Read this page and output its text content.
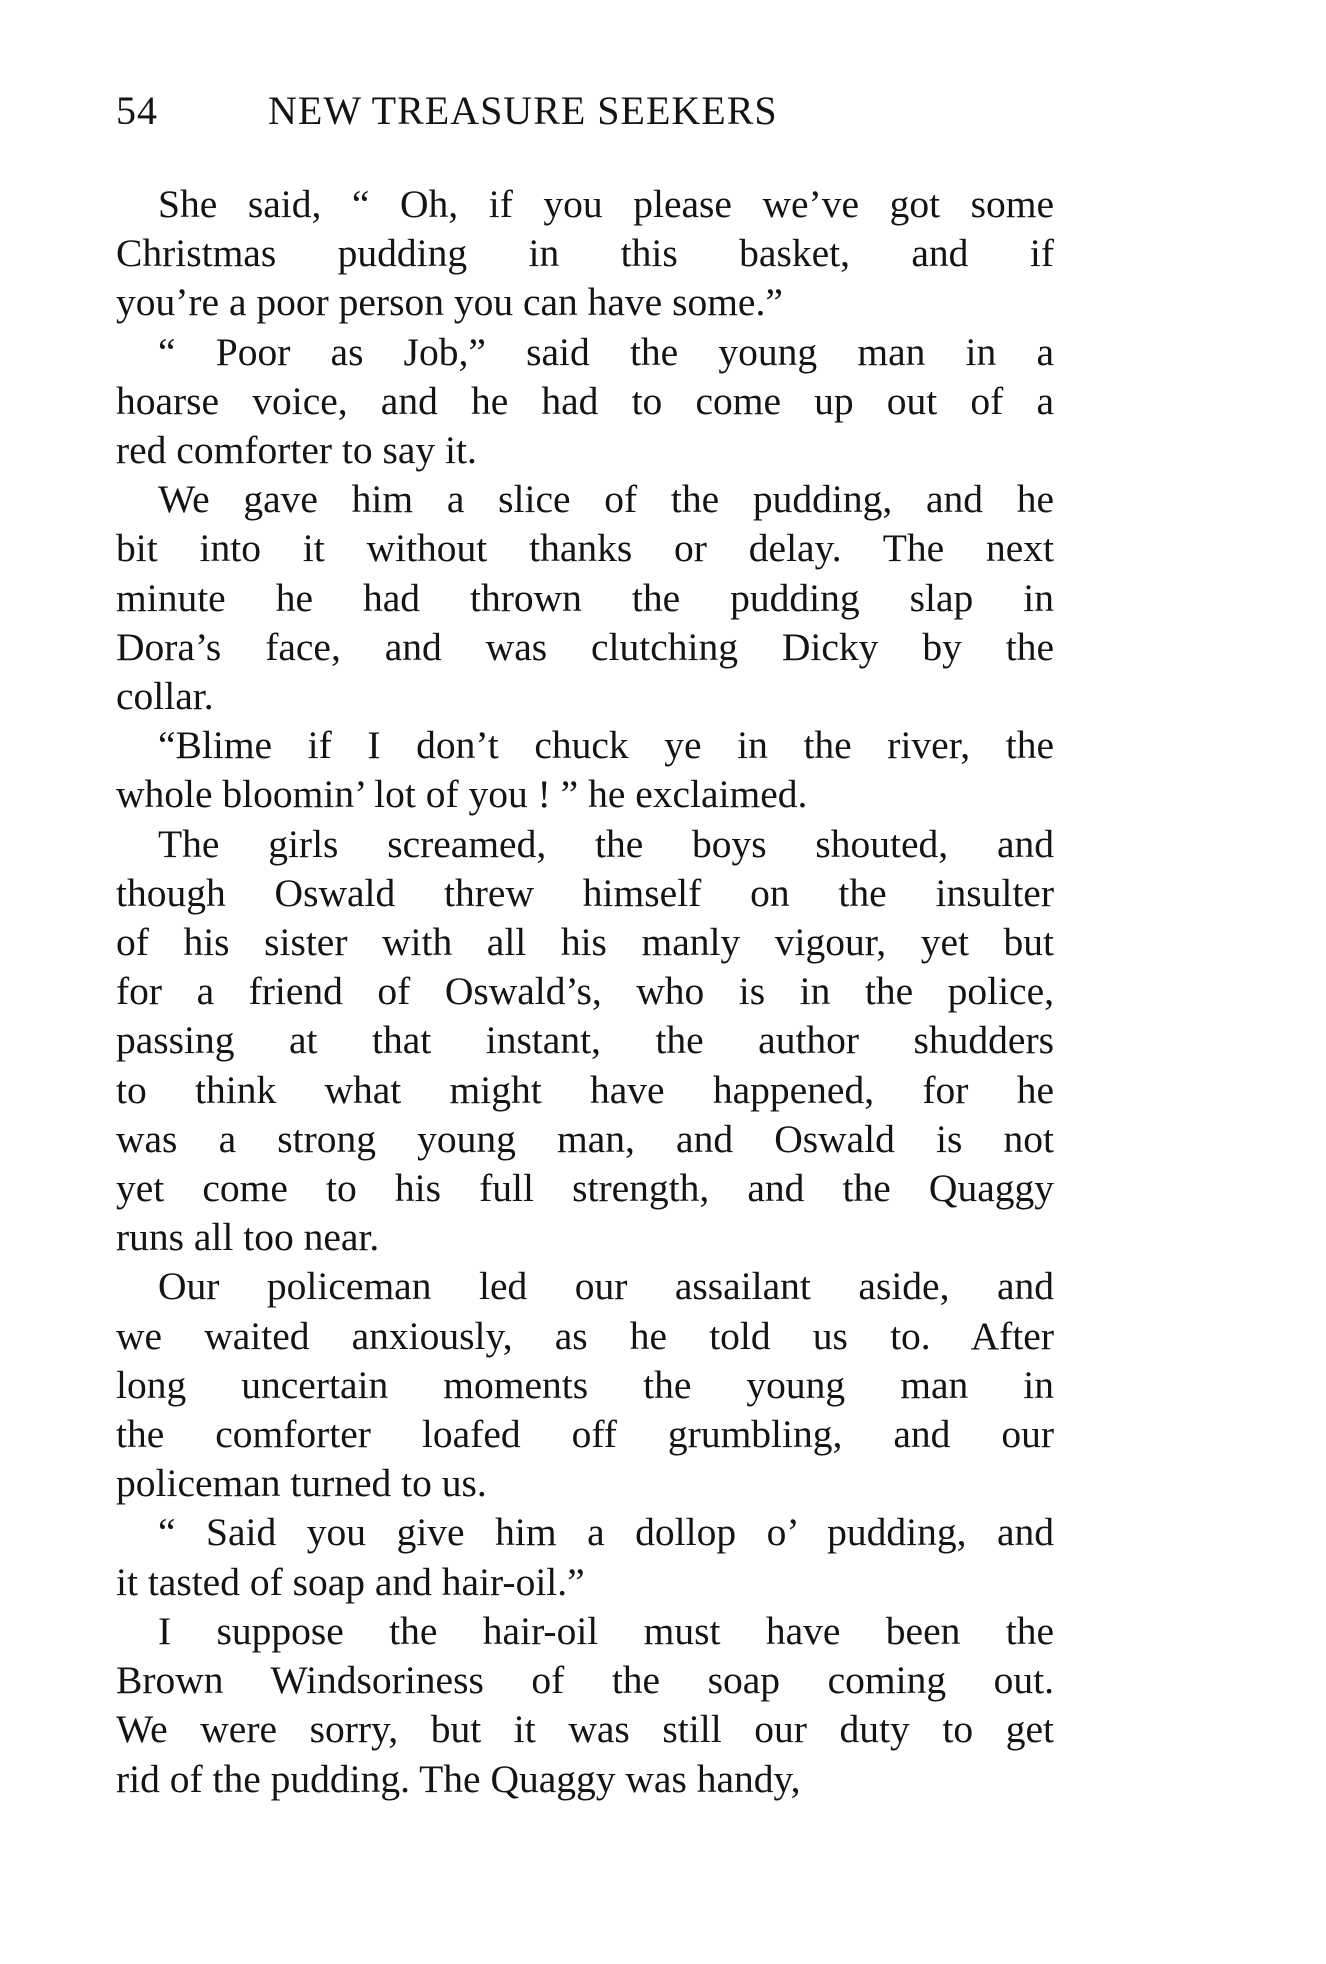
54	NEW TREASURE SEEKERS
She said, “ Oh, if you please we’ve got some
Christmas pudding in this basket, and if
you’re a poor person you can have some.”
“ Poor as Job,” said the young man in a
hoarse voice, and he had to come up out of a
red comforter to say it.
We gave him a slice of the pudding, and he
bit into it without thanks or delay. The next
minute he had thrown the pudding slap in
Dora’s face, and was clutching Dicky by the
collar.
“Blime if I don’t chuck ye in the river, the
whole bloomin’ lot of you ! ” he exclaimed.
The girls screamed, the boys shouted, and
though Oswald threw himself on the insulter
of his sister with all his manly vigour, yet but
for a friend of Oswald’s, who is in the police,
passing at that instant, the author shudders
to think what might have happened, for he
was a strong young man, and Oswald is not
yet come to his full strength, and the Quaggy
runs all too near.
Our policeman led our assailant aside, and
we waited anxiously, as he told us to. After
long uncertain moments the young man in
the comforter loafed off grumbling, and our
policeman turned to us.
“ Said you give him a dollop o’ pudding, and
it tasted of soap and hair-oil.”
I suppose the hair-oil must have been the
Brown Windsoriness of the soap coming out.
We were sorry, but it was still our duty to get
rid of the pudding. The Quaggy was handy,
